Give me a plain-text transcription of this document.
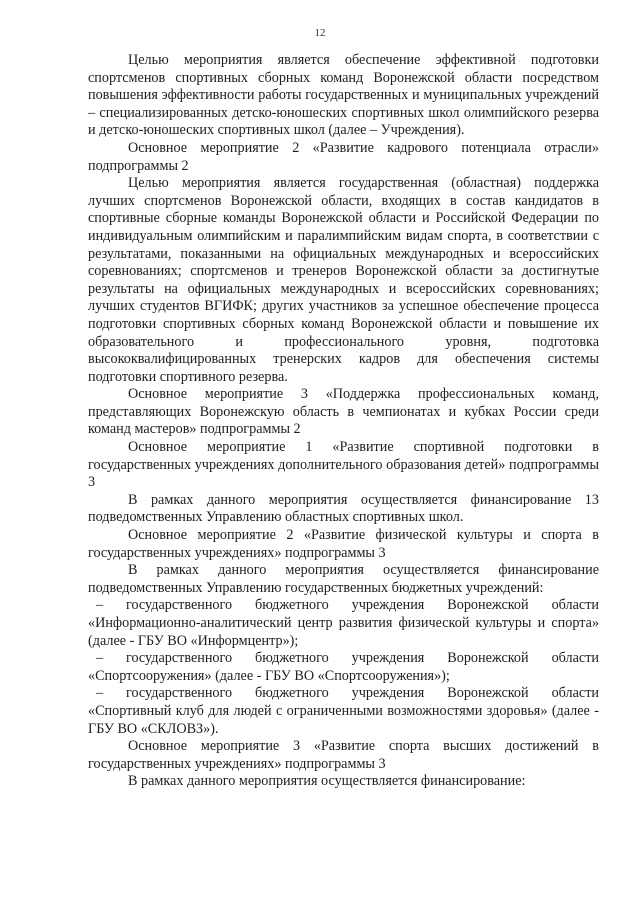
12

Целью мероприятия является обеспечение эффективной подготовки спортсменов спортивных сборных команд Воронежской области посредством повышения эффективности работы государственных и муниципальных учреждений – специализированных детско-юношеских спортивных школ олимпийского резерва и детско-юношеских спортивных школ (далее – Учреждения).

Основное мероприятие 2 «Развитие кадрового потенциала отрасли» подпрограммы 2

Целью мероприятия является государственная (областная) поддержка лучших спортсменов Воронежской области, входящих в состав кандидатов в спортивные сборные команды Воронежской области и Российской Федерации по индивидуальным олимпийским и паралимпийским видам спорта, в соответствии с результатами, показанными на официальных международных и всероссийских соревнованиях; спортсменов и тренеров Воронежской области за достигнутые результаты на официальных международных и всероссийских соревнованиях; лучших студентов ВГИФК; других участников за успешное обеспечение процесса подготовки спортивных сборных команд Воронежской области и повышение их образовательного и профессионального уровня, подготовка высококвалифицированных тренерских кадров для обеспечения системы подготовки спортивного резерва.

Основное мероприятие 3 «Поддержка профессиональных команд, представляющих Воронежскую область в чемпионатах и кубках России среди команд мастеров» подпрограммы 2

Основное мероприятие 1 «Развитие спортивной подготовки в государственных учреждениях дополнительного образования детей» подпрограммы 3

В рамках данного мероприятия осуществляется финансирование 13 подведомственных Управлению областных спортивных школ.

Основное мероприятие 2 «Развитие физической культуры и спорта в государственных учреждениях» подпрограммы 3

В рамках данного мероприятия осуществляется финансирование подведомственных Управлению государственных бюджетных учреждений:

– государственного бюджетного учреждения Воронежской области «Информационно-аналитический центр развития физической культуры и спорта» (далее - ГБУ ВО «Информцентр»);

– государственного бюджетного учреждения Воронежской области «Спортсооружения» (далее - ГБУ ВО «Спортсооружения»);

– государственного бюджетного учреждения Воронежской области «Спортивный клуб для людей с ограниченными возможностями здоровья» (далее - ГБУ ВО «СКЛОВЗ»).

Основное мероприятие 3 «Развитие спорта высших достижений в государственных учреждениях» подпрограммы 3

В рамках данного мероприятия осуществляется финансирование:
